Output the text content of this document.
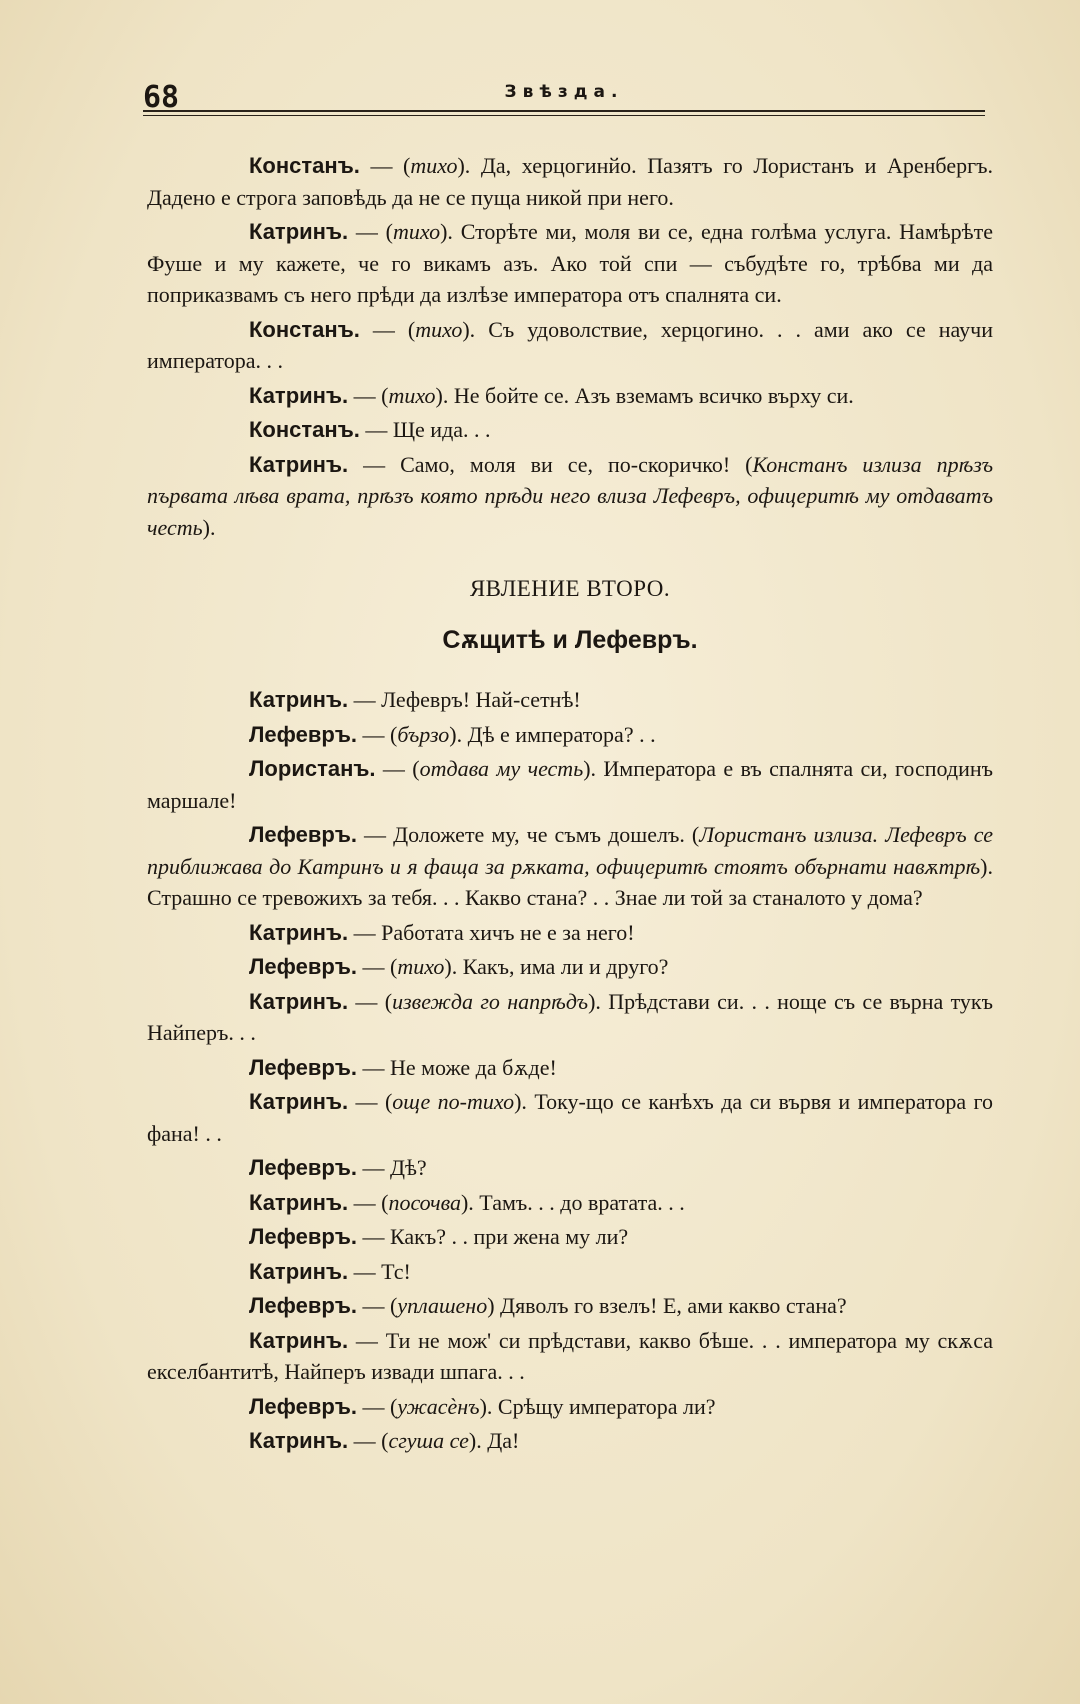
68	Звѣзда.

Констанъ. — (тихо). Да, херцогинйо. Пазятъ го Лористанъ и Аренбергъ. Дадено е строга заповѣдь да не се пуща никой при него.

Катринъ. — (тихо). Сторѣте ми, моля ви се, една голѣма услуга. Намѣрѣте Фуше и му кажете, че го викамъ азъ. Ако той спи — събудѣте го, трѣбва ми да поприказвамъ съ него прѣди да излѣзе императора отъ спалнята си.

Констанъ. — (тихо). Съ удоволствие, херцогино. . . ами ако се научи императора. . .

Катринъ. — (тихо). Не бойте се. Азъ вземамъ всичко върху си.

Констанъ. — Ще ида. . .

Катринъ. — Само, моля ви се, по-скоричко! (Констанъ излиза прѣзъ първата лѣва врата, прѣзъ която прѣди него влиза Лефевръ, офицеритѣ му отдаватъ честь).

ЯВЛЕНИЕ ВТОРО.
Сѫщитѣ и Лефевръ.

Катринъ. — Лефевръ! Най-сетнѣ!

Лефевръ. — (бързо). Дѣ е императора? . .

Лористанъ. — (отдава му честь). Императора е въ спалнята си, господинъ маршале!

Лефевръ. — Доложете му, че съмъ дошелъ. (Лористанъ излиза. Лефевръ се приближава до Катринъ и я фаща за рѫката, офицеритѣ стоятъ обърнати навѫтрѣ). Страшно се тревожихъ за тебя. . . Какво стана? . . Знае ли той за станалото у дома?

Катринъ. — Работата хичъ не е за него!

Лефевръ. — (тихо). Какъ, има ли и друго?

Катринъ. — (извежда го напрѣдъ). Прѣдстави си. . . ноще съ се върна тукъ Найперъ. . .

Лефевръ. — Не може да бѫде!

Катринъ. — (още по-тихо). Току-що се канѣхъ да си вървя и императора го фана! . .

Лефевръ. — Дѣ?

Катринъ. — (посочва). Тамъ. . . до вратата. . .

Лефевръ. — Какъ? . . при жена му ли?

Катринъ. — Тс!

Лефевръ. — (уплашено) Дяволъ го взелъ! Е, ами какво стана?

Катринъ. — Ти не мож' си прѣдстави, какво бѣше. . . императора му скѫса екселбантитѣ, Найперъ извади шпага. . .

Лефевръ. — (ужасѐнъ). Срѣщу императора ли?

Катринъ. — (сгуша се). Да!
